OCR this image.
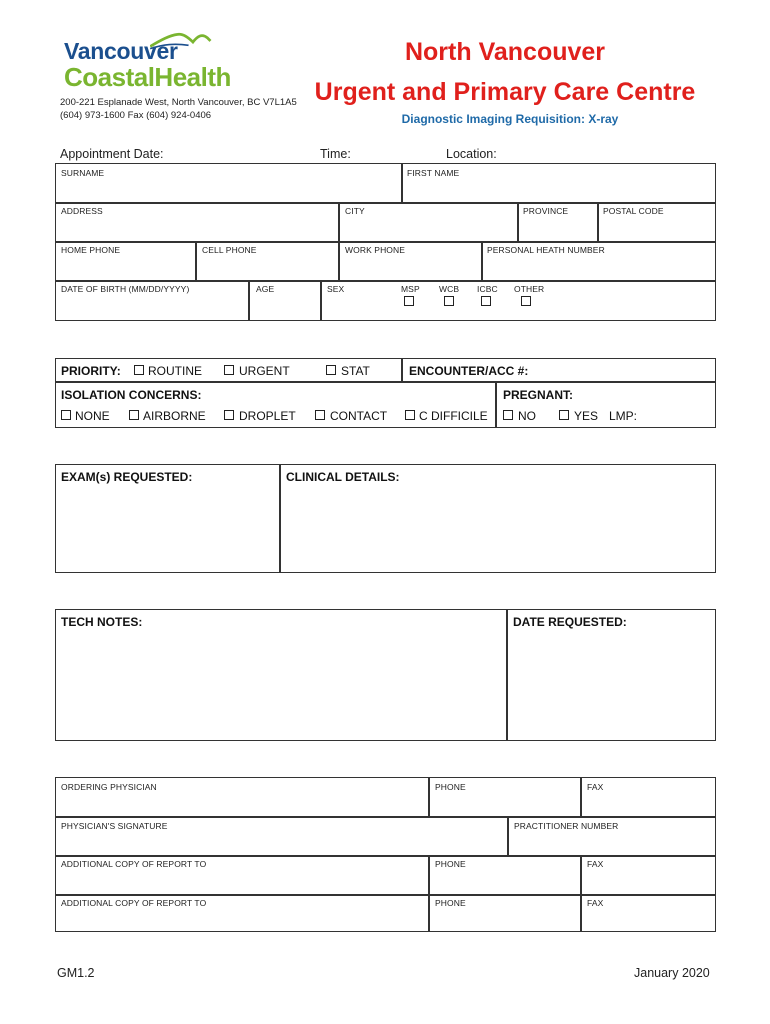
Vancouver
CoastalHealth
200-221 Esplanade West, North Vancouver, BC V7L1A5
(604) 973-1600 Fax (604) 924-0406
North Vancouver
Urgent and Primary Care Centre
Diagnostic Imaging Requisition: X-ray
Appointment Date:	Time:	Location:
SURNAME	FIRST NAME
ADDRESS	CITY	PROVINCE	POSTAL CODE
HOME PHONE	CELL PHONE	WORK PHONE	PERSONAL HEATH NUMBER
DATE OF BIRTH (MM/DD/YYYY)	AGE	SEX	MSP WCB ICBC OTHER
PRIORITY: ROUTINE	URGENT	STAT	ENCOUNTER/ACC #:
ISOLATION CONCERNS:	PREGNANT:
NONE	AIRBORNE	DROPLET	CONTACT	C DIFFICILE	NO	YES LMP:
EXAM(s) REQUESTED:	CLINICAL DETAILS:
TECH NOTES:	DATE REQUESTED:
ORDERING PHYSICIAN	PHONE	FAX
PHYSICIAN'S SIGNATURE	PRACTITIONER NUMBER
ADDITIONAL COPY OF REPORT TO	PHONE	FAX
ADDITIONAL COPY OF REPORT TO	PHONE	FAX
GM1.2	January 2020
